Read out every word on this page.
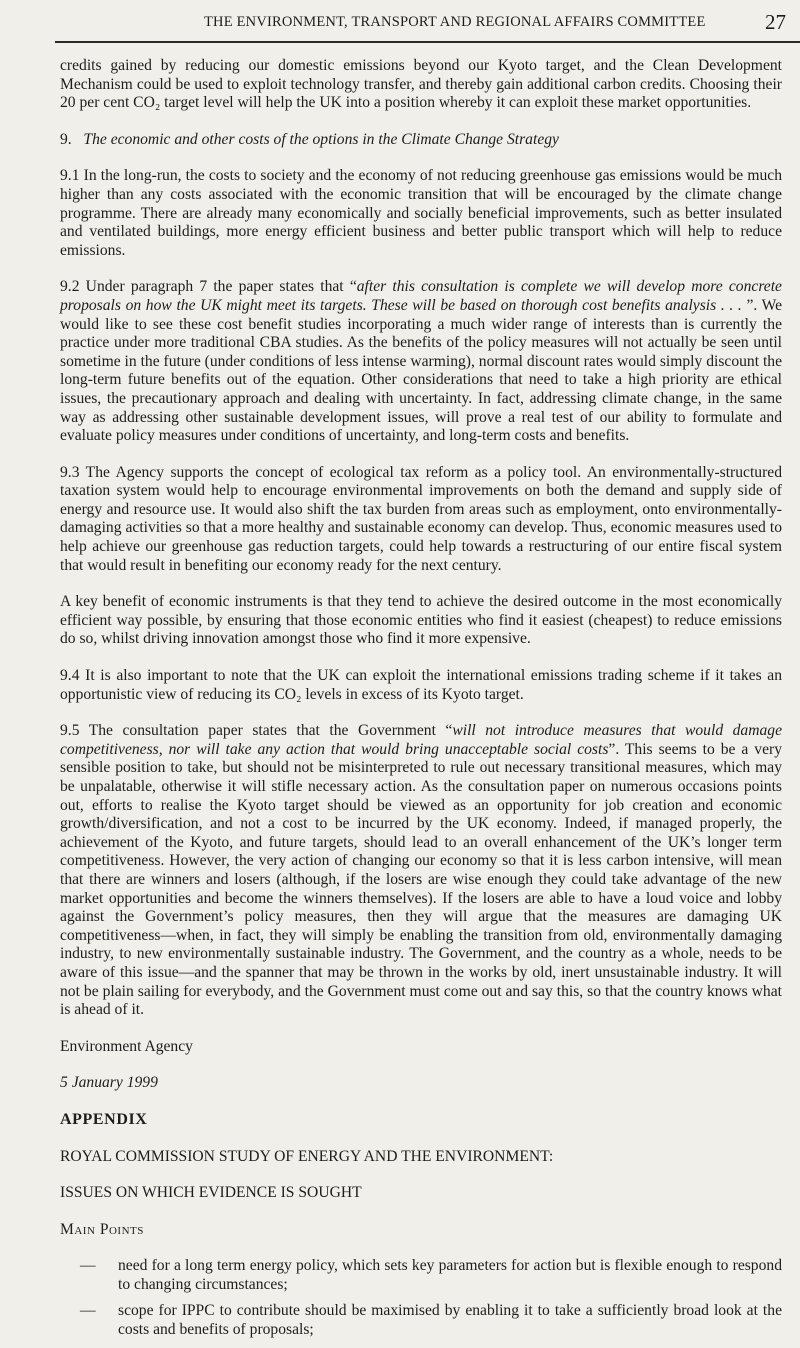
THE ENVIRONMENT, TRANSPORT AND REGIONAL AFFAIRS COMMITTEE	27

credits gained by reducing our domestic emissions beyond our Kyoto target, and the Clean Development Mechanism could be used to exploit technology transfer, and thereby gain additional carbon credits. Choosing their 20 per cent CO₂ target level will help the UK into a position whereby it can exploit these market opportunities.

9. The economic and other costs of the options in the Climate Change Strategy

9.1 In the long-run, the costs to society and the economy of not reducing greenhouse gas emissions would be much higher than any costs associated with the economic transition that will be encouraged by the climate change programme. There are already many economically and socially beneficial improvements, such as better insulated and ventilated buildings, more energy efficient business and better public transport which will help to reduce emissions.

9.2 Under paragraph 7 the paper states that “after this consultation is complete we will develop more concrete proposals on how the UK might meet its targets. These will be based on thorough cost benefits analysis . . . ”. We would like to see these cost benefit studies incorporating a much wider range of interests than is currently the practice under more traditional CBA studies. As the benefits of the policy measures will not actually be seen until sometime in the future (under conditions of less intense warming), normal discount rates would simply discount the long-term future benefits out of the equation. Other considerations that need to take a high priority are ethical issues, the precautionary approach and dealing with uncertainty. In fact, addressing climate change, in the same way as addressing other sustainable development issues, will prove a real test of our ability to formulate and evaluate policy measures under conditions of uncertainty, and long-term costs and benefits.

9.3 The Agency supports the concept of ecological tax reform as a policy tool. An environmentally-structured taxation system would help to encourage environmental improvements on both the demand and supply side of energy and resource use. It would also shift the tax burden from areas such as employment, onto environmentally-damaging activities so that a more healthy and sustainable economy can develop. Thus, economic measures used to help achieve our greenhouse gas reduction targets, could help towards a restructuring of our entire fiscal system that would result in benefiting our economy ready for the next century.

A key benefit of economic instruments is that they tend to achieve the desired outcome in the most economically efficient way possible, by ensuring that those economic entities who find it easiest (cheapest) to reduce emissions do so, whilst driving innovation amongst those who find it more expensive.

9.4 It is also important to note that the UK can exploit the international emissions trading scheme if it takes an opportunistic view of reducing its CO₂ levels in excess of its Kyoto target.

9.5 The consultation paper states that the Government “will not introduce measures that would damage competitiveness, nor will take any action that would bring unacceptable social costs”. This seems to be a very sensible position to take, but should not be misinterpreted to rule out necessary transitional measures, which may be unpalatable, otherwise it will stifle necessary action. As the consultation paper on numerous occasions points out, efforts to realise the Kyoto target should be viewed as an opportunity for job creation and economic growth/diversification, and not a cost to be incurred by the UK economy. Indeed, if managed properly, the achievement of the Kyoto, and future targets, should lead to an overall enhancement of the UK’s longer term competitiveness. However, the very action of changing our economy so that it is less carbon intensive, will mean that there are winners and losers (although, if the losers are wise enough they could take advantage of the new market opportunities and become the winners themselves). If the losers are able to have a loud voice and lobby against the Government’s policy measures, then they will argue that the measures are damaging UK competitiveness—when, in fact, they will simply be enabling the transition from old, environmentally damaging industry, to new environmentally sustainable industry. The Government, and the country as a whole, needs to be aware of this issue—and the spanner that may be thrown in the works by old, inert unsustainable industry. It will not be plain sailing for everybody, and the Government must come out and say this, so that the country knows what is ahead of it.

Environment Agency

5 January 1999

APPENDIX

ROYAL COMMISSION STUDY OF ENERGY AND THE ENVIRONMENT:

ISSUES ON WHICH EVIDENCE IS SOUGHT

Main Points

— need for a long term energy policy, which sets key parameters for action but is flexible enough to respond to changing circumstances;
— scope for IPPC to contribute should be maximised by enabling it to take a sufficiently broad look at the costs and benefits of proposals;
